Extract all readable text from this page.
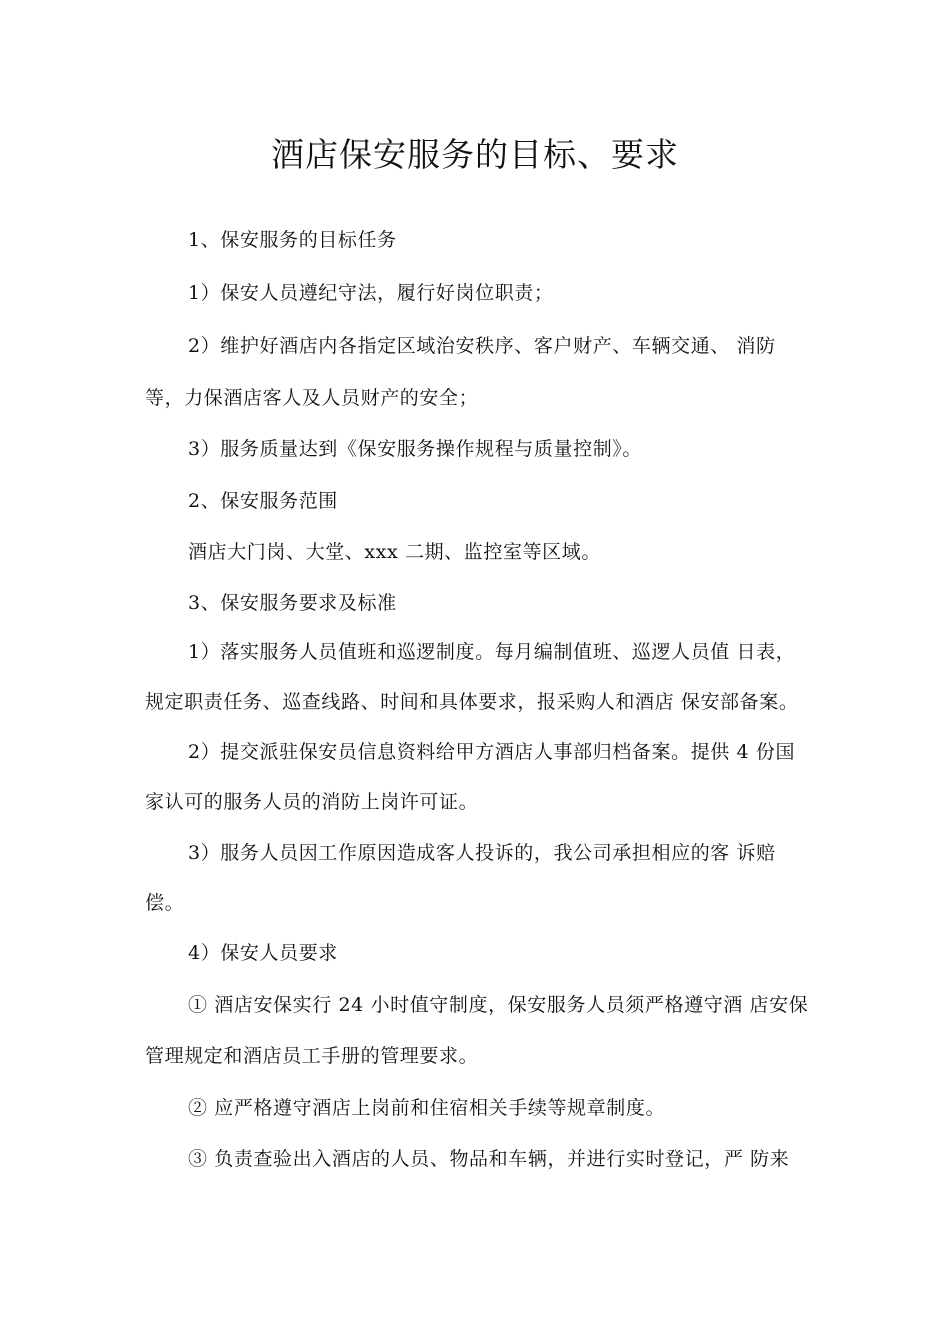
酒店保安服务的目标、要求
1、保安服务的目标任务
1）保安人员遵纪守法，履行好岗位职责；
2）维护好酒店内各指定区域治安秩序、客户财产、车辆交通、 消防
等，力保酒店客人及人员财产的安全；
3）服务质量达到《保安服务操作规程与质量控制》。
2、保安服务范围
酒店大门岗、大堂、xxx 二期、监控室等区域。
3、保安服务要求及标准
1）落实服务人员值班和巡逻制度。每月编制值班、巡逻人员值 日表，
规定职责任务、巡查线路、时间和具体要求，报采购人和酒店 保安部备案。
2）提交派驻保安员信息资料给甲方酒店人事部归档备案。提供 4 份国
家认可的服务人员的消防上岗许可证。
3）服务人员因工作原因造成客人投诉的，我公司承担相应的客 诉赔
偿。
4）保安人员要求
① 酒店安保实行 24 小时值守制度，保安服务人员须严格遵守酒 店安保
管理规定和酒店员工手册的管理要求。
② 应严格遵守酒店上岗前和住宿相关手续等规章制度。
③ 负责查验出入酒店的人员、物品和车辆，并进行实时登记，严 防来
